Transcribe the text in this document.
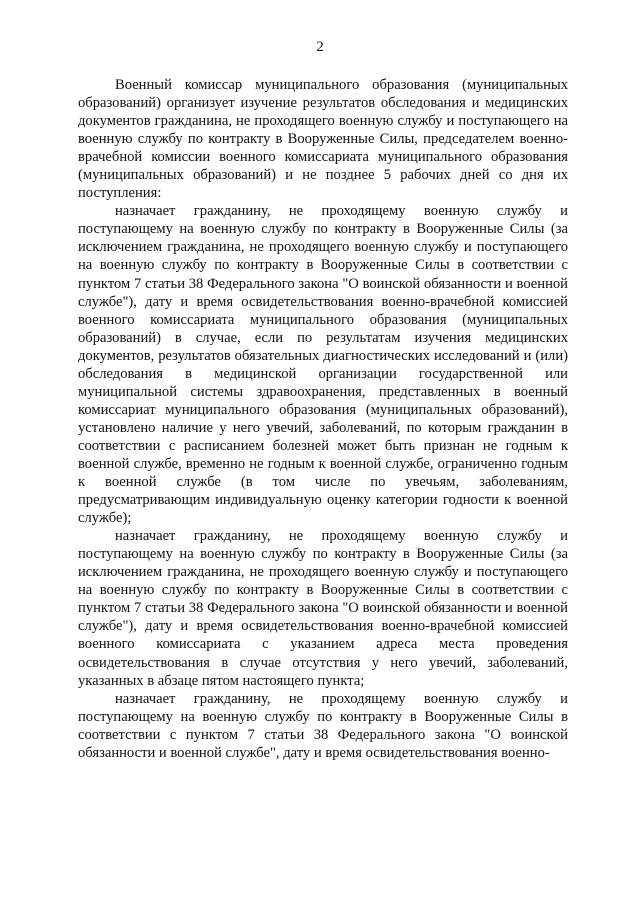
2

Военный комиссар муниципального образования (муниципальных образований) организует изучение результатов обследования и медицинских документов гражданина, не проходящего военную службу и поступающего на военную службу по контракту в Вооруженные Силы, председателем военно-врачебной комиссии военного комиссариата муниципального образования (муниципальных образований) и не позднее 5 рабочих дней со дня их поступления:

назначает гражданину, не проходящему военную службу и поступающему на военную службу по контракту в Вооруженные Силы (за исключением гражданина, не проходящего военную службу и поступающего на военную службу по контракту в Вооруженные Силы в соответствии с пунктом 7 статьи 38 Федерального закона "О воинской обязанности и военной службе"), дату и время освидетельствования военно-врачебной комиссией военного комиссариата муниципального образования (муниципальных образований) в случае, если по результатам изучения медицинских документов, результатов обязательных диагностических исследований и (или) обследования в медицинской организации государственной или муниципальной системы здравоохранения, представленных в военный комиссариат муниципального образования (муниципальных образований), установлено наличие у него увечий, заболеваний, по которым гражданин в соответствии с расписанием болезней может быть признан не годным к военной службе, временно не годным к военной службе, ограниченно годным к военной службе (в том числе по увечьям, заболеваниям, предусматривающим индивидуальную оценку категории годности к военной службе);

назначает гражданину, не проходящему военную службу и поступающему на военную службу по контракту в Вооруженные Силы (за исключением гражданина, не проходящего военную службу и поступающего на военную службу по контракту в Вооруженные Силы в соответствии с пунктом 7 статьи 38 Федерального закона "О воинской обязанности и военной службе"), дату и время освидетельствования военно-врачебной комиссией военного комиссариата с указанием адреса места проведения освидетельствования в случае отсутствия у него увечий, заболеваний, указанных в абзаце пятом настоящего пункта;

назначает гражданину, не проходящему военную службу и поступающему на военную службу по контракту в Вооруженные Силы в соответствии с пунктом 7 статьи 38 Федерального закона "О воинской обязанности и военной службе", дату и время освидетельствования военно-
